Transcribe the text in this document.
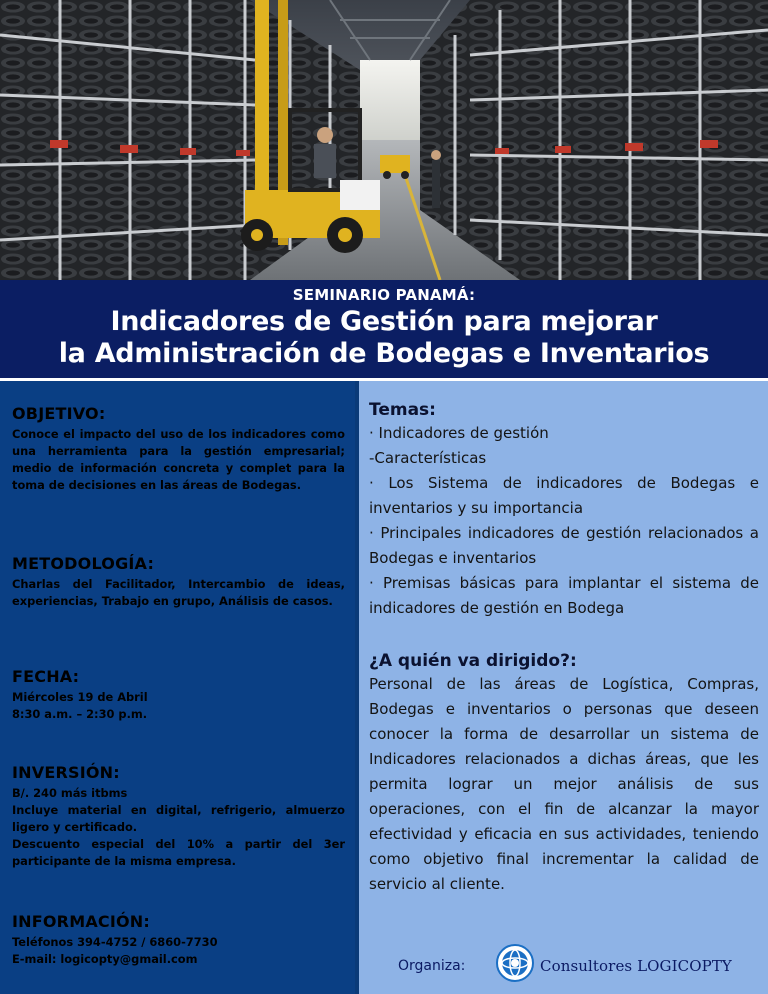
SEMINARIO PANAMÁ:
Indicadores de Gestión para mejorar
la Administración de Bodegas e Inventarios
OBJETIVO:

Conoce el impacto del uso de los indicadores como una herramienta para la gestión empresarial; medio de información concreta y complet para la toma de decisiones en las áreas de Bodegas.

METODOLOGÍA:

Charlas del Facilitador, Intercambio de ideas, experiencias, Trabajo en grupo, Análisis de casos.

FECHA:
Miércoles 19 de Abril
8:30 a.m. – 2:30 p.m.
INVERSIÓN:
B/. 240 más itbms

Incluye material en digital, refrigerio, almuerzo ligero y certificado.

Descuento especial del 10% a partir del 3er participante de la misma empresa.

INFORMACIÓN:
Teléfonos 394-4752 / 6860-7730
E-mail: logicopty@gmail.com
Temas:
· Indicadores de gestión
-Características
· Los Sistema de indicadores de Bodegas e inventarios y su importancia
· Principales indicadores de gestión relacionados a Bodegas e inventarios
· Premisas básicas para implantar el sistema de indicadores de gestión en Bodega
¿A quién va dirigido?:

Personal de las áreas de Logística, Compras, Bodegas e inventarios o personas que deseen conocer la forma de desarrollar un sistema de Indicadores relacionados a dichas áreas, que les permita lograr un mejor análisis de sus operaciones, con el fin de alcanzar la mayor efectividad y eficacia en sus actividades, teniendo como objetivo final incrementar la calidad de servicio al cliente.

Organiza:	Consultores LOGICOPTY
